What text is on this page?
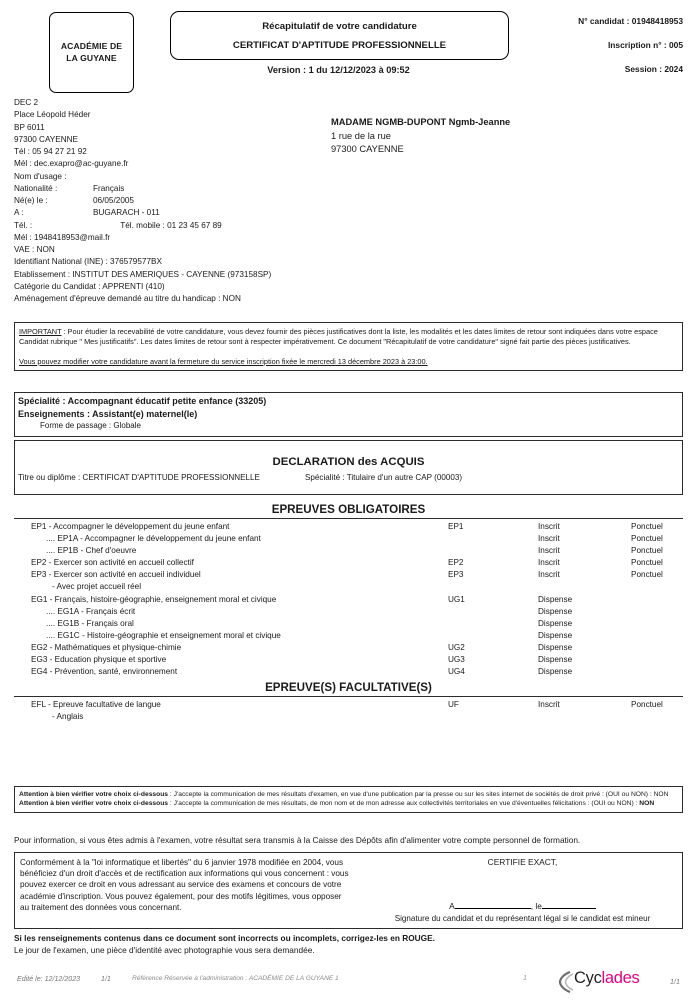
ACADÉMIE DE
LA GUYANE
Récapitulatif de votre candidature
CERTIFICAT D'APTITUDE PROFESSIONNELLE
Version : 1 du 12/12/2023 à 09:52
N° candidat : 01948418953
Inscription n° : 005
Session : 2024
DEC 2
Place Léopold Héder
BP 6011
97300 CAYENNE
Tél : 05 94 27 21 92
Mél : dec.exapro@ac-guyane.fr
Nom d'usage :
Nationalité :	Français
Né(e) le :	06/05/2005
A :	BUGARACH - 011
Tél. :	Tél. mobile : 01 23 45 67 89
Mél : 1948418953@mail.fr
VAE : NON
Identifiant National (INE) : 376579577BX
Etablissement : INSTITUT DES AMERIQUES - CAYENNE (973158SP)
Catégorie du Candidat : APPRENTI (410)
Aménagement d'épreuve demandé au titre du handicap : NON
MADAME NGMB-DUPONT Ngmb-Jeanne
1 rue de la rue
97300 CAYENNE

IMPORTANT : Pour étudier la recevabilité de votre candidature, vous devez fournir des pièces justificatives dont la liste, les modalités et les dates limites de retour sont indiquées dans votre espace Candidat rubrique " Mes justificatifs". Les dates limites de retour sont à respecter impérativement. Ce document "Récapitulatif de votre candidature" signé fait partie des pièces justificatives.

Vous pouvez modifier votre candidature avant la fermeture du service inscription fixée le mercredi 13 décembre 2023 à 23:00.

Spécialité : Accompagnant éducatif petite enfance (33205)
Enseignements : Assistant(e) maternel(le)
Forme de passage : Globale
DECLARATION des ACQUIS
Titre ou diplôme : CERTIFICAT D'APTITUDE PROFESSIONNELLE	Spécialité : Titulaire d'un autre CAP (00003)
EPREUVES OBLIGATOIRES
EP1 - Accompagner le développement du jeune enfant	EP1	Inscrit	Ponctuel
.... EP1A - Accompagner le développement du jeune enfant	Inscrit	Ponctuel
.... EP1B - Chef d'oeuvre	Inscrit	Ponctuel
EP2 - Exercer son activité en accueil collectif	EP2	Inscrit	Ponctuel
EP3 - Exercer son activité en accueil individuel	EP3	Inscrit	Ponctuel
- Avec projet accueil réel
EG1 - Français, histoire-géographie, enseignement moral et civique	UG1	Dispense
.... EG1A - Français écrit	Dispense
.... EG1B - Français oral	Dispense
.... EG1C - Histoire-géographie et enseignement moral et civique	Dispense
EG2 - Mathématiques et physique-chimie	UG2	Dispense
EG3 - Education physique et sportive	UG3	Dispense
EG4 - Prévention, santé, environnement	UG4	Dispense
EPREUVE(S) FACULTATIVE(S)
EFL - Epreuve facultative de langue	UF	Inscrit	Ponctuel
- Anglais

Attention à bien vérifier votre choix ci-dessous : J'accepte la communication de mes résultats d'examen, en vue d'une publication par la presse ou sur les sites internet de sociétés de droit privé : (OUI ou NON) : NON

Attention à bien vérifier votre choix ci-dessous : J'accepte la communication de mes résultats, de mon nom et de mon adresse aux collectivités territoriales en vue d'éventuelles félicitations : (OUI ou NON) : NON

Pour information, si vous êtes admis à l'examen, votre résultat sera transmis à la Caisse des Dépôts afin d'alimenter votre compte personnel de formation.
Conformément à la "loi informatique et libertés" du 6 janvier 1978 modifiée en 2004, vous bénéficiez d'un droit d'accès et de rectification aux informations qui vous concernent : vous pouvez exercer ce droit en vous adressant au service des examens et concours de votre académie d'inscription. Vous pouvez également, pour des motifs légitimes, vous opposer au traitement des données vous concernant.
CERTIFIE EXACT,
A	, le
Signature du candidat et du représentant légal si le candidat est mineur
Si les renseignements contenus dans ce document sont incorrects ou incomplets, corrigez-les en ROUGE.
Le jour de l'examen, une pièce d'identité avec photographie vous sera demandée.
Edité le: 12/12/2023	1/1	Référence Réservée à l'administration : ACADÉMIE DE LA GUYANE 1	1	Cyclades	1/1
